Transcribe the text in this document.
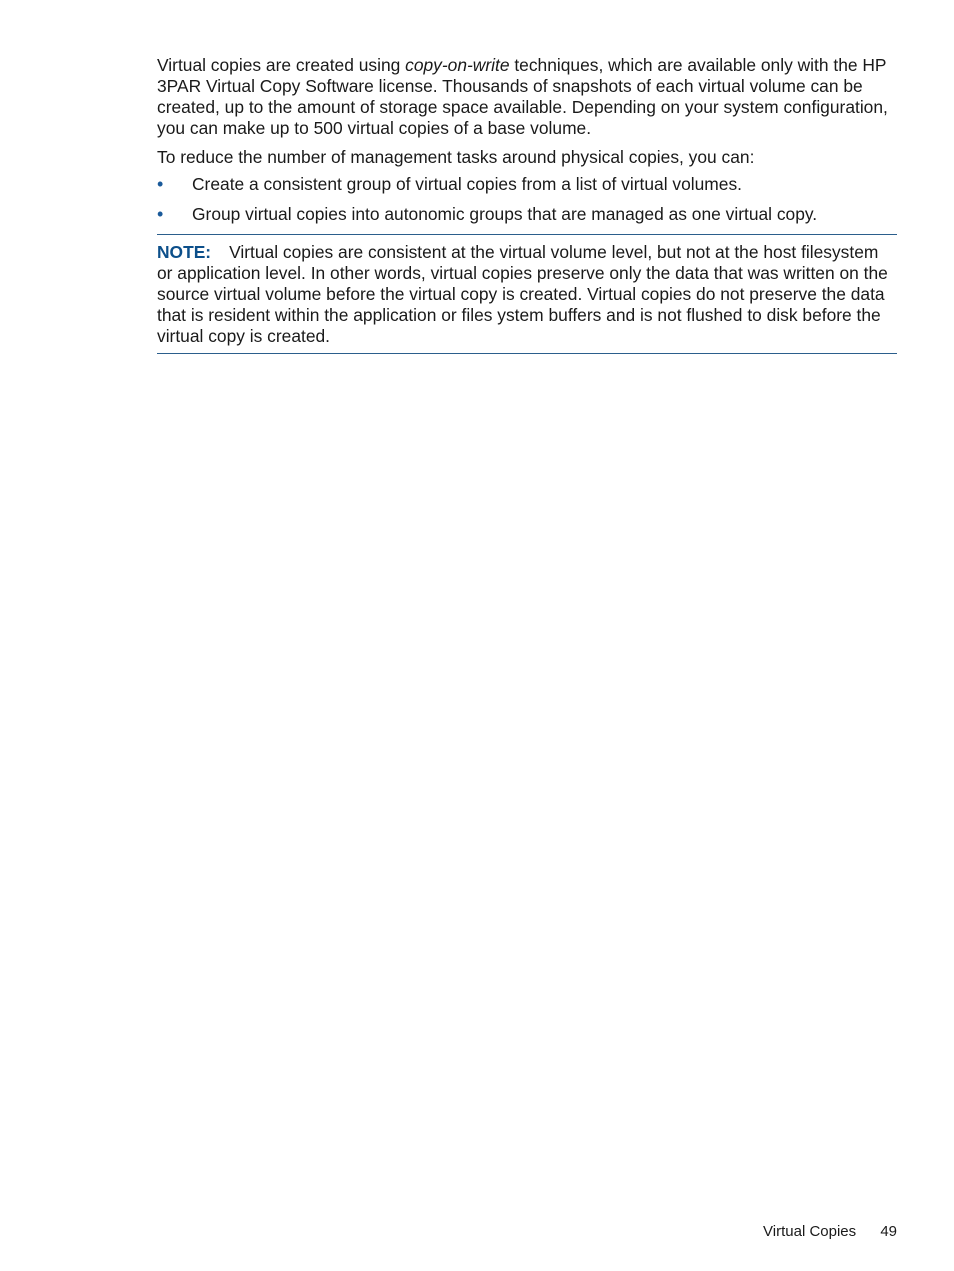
Virtual copies are created using copy-on-write techniques, which are available only with the HP 3PAR Virtual Copy Software license. Thousands of snapshots of each virtual volume can be created, up to the amount of storage space available. Depending on your system configuration, you can make up to 500 virtual copies of a base volume.

To reduce the number of management tasks around physical copies, you can:

• Create a consistent group of virtual copies from a list of virtual volumes.
• Group virtual copies into autonomic groups that are managed as one virtual copy.
NOTE: Virtual copies are consistent at the virtual volume level, but not at the host filesystem or application level. In other words, virtual copies preserve only the data that was written on the source virtual volume before the virtual copy is created. Virtual copies do not preserve the data that is resident within the application or files ystem buffers and is not flushed to disk before the virtual copy is created.
Virtual Copies 49
